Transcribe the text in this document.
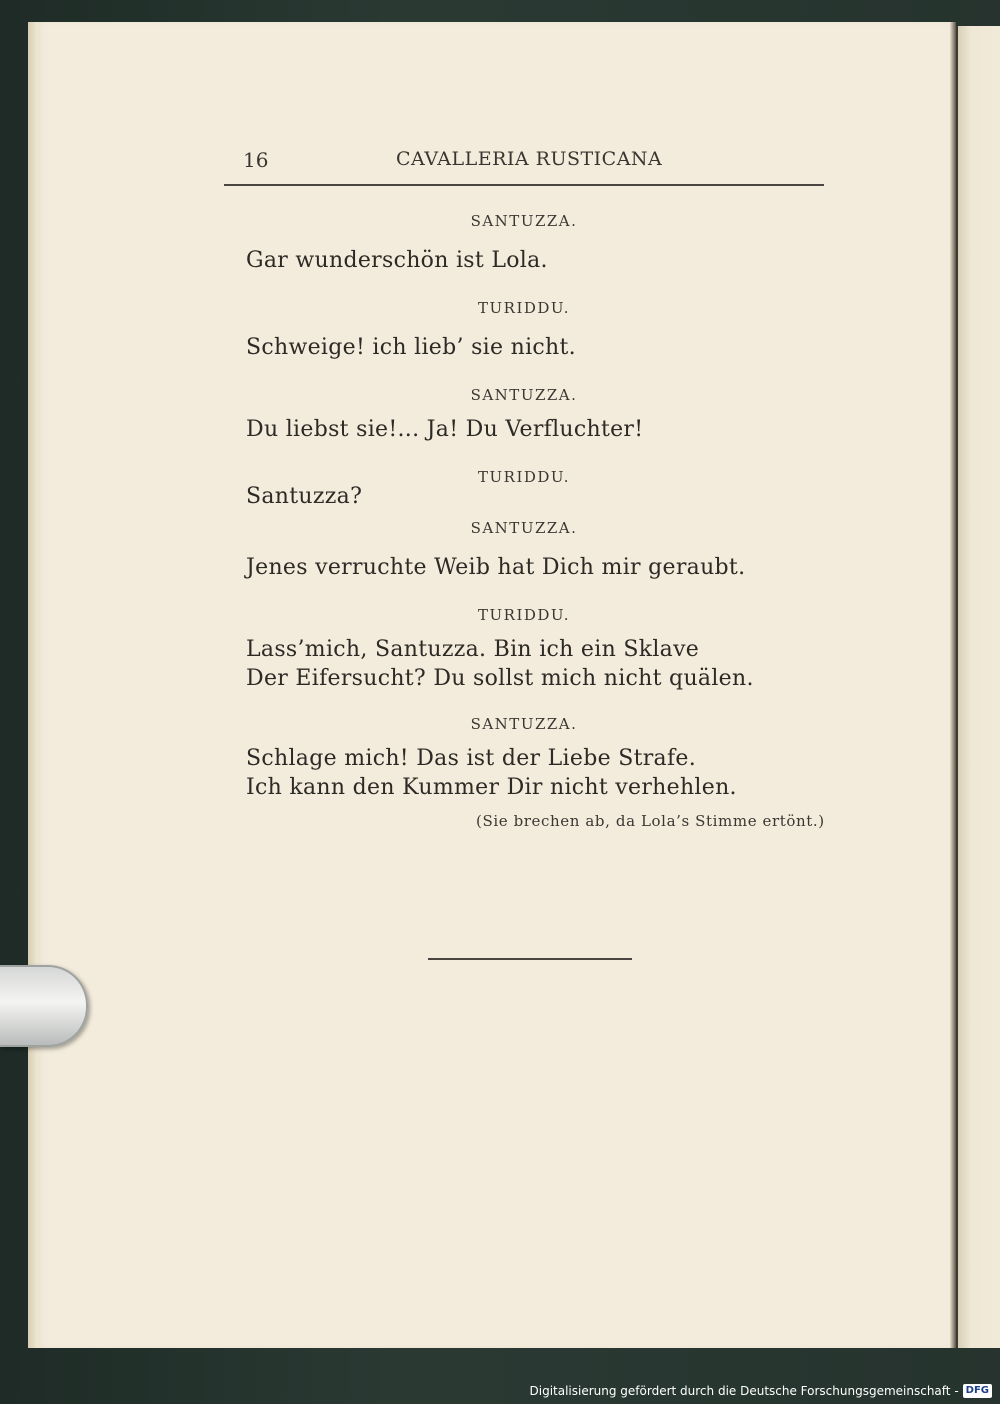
16	CAVALLERIA RUSTICANA
SANTUZZA.
Gar wunderschön ist Lola.
TURIDDU.
Schweige! ich lieb’ sie nicht.
SANTUZZA.
Du liebst sie!... Ja! Du Verfluchter!
TURIDDU.
Santuzza?
SANTUZZA.
Jenes verruchte Weib hat Dich mir geraubt.
TURIDDU.
Lass’mich, Santuzza. Bin ich ein Sklave
Der Eifersucht? Du sollst mich nicht quälen.
SANTUZZA.
Schlage mich! Das ist der Liebe Strafe.
Ich kann den Kummer Dir nicht verhehlen.
(Sie brechen ab, da Lola’s Stimme ertönt.)
Digitalisierung gefördert durch die Deutsche Forschungsgemeinschaft - DFG
